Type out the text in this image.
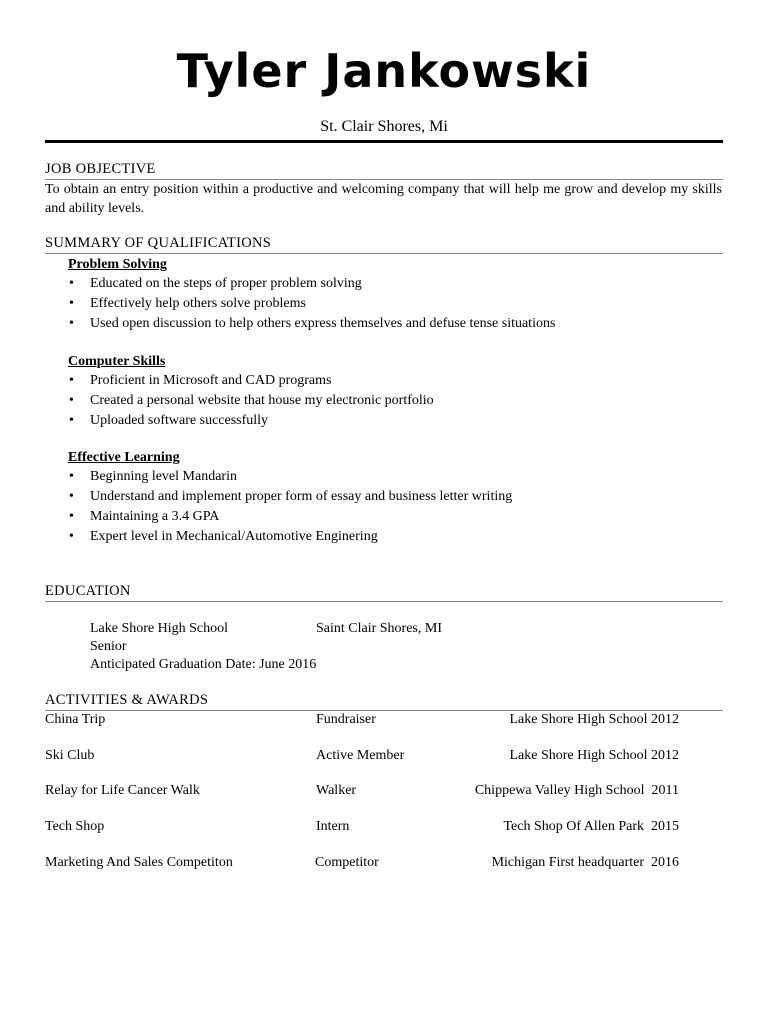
Tyler Jankowski
St. Clair Shores, Mi
JOB OBJECTIVE
To obtain an entry position within a productive and welcoming company that will help me grow and develop my skills and ability levels.
SUMMARY OF QUALIFICATIONS
Problem Solving
• Educated on the steps of proper problem solving
• Effectively help others solve problems
• Used open discussion to help others express themselves and defuse tense situations
Computer Skills
• Proficient in Microsoft and CAD programs
• Created a personal website that house my electronic portfolio
• Uploaded software successfully
Effective Learning
• Beginning level Mandarin
• Understand and implement proper form of essay and business letter writing
• Maintaining a 3.4 GPA
• Expert level in Mechanical/Automotive Enginering
EDUCATION
Lake Shore High School	Saint Clair Shores, MI
Senior
Anticipated Graduation Date: June 2016
ACTIVITIES & AWARDS
China Trip	Fundraiser	Lake Shore High School 2012
Ski Club	Active Member	Lake Shore High School 2012
Relay for Life Cancer Walk	Walker	Chippewa Valley High School  2011
Tech Shop	Intern	Tech Shop Of Allen Park  2015
Marketing And Sales Competiton	Competitor	Michigan First headquarter  2016
